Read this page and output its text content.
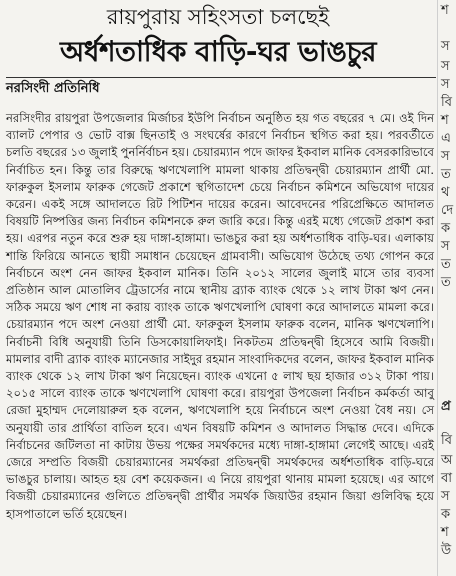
রায়পুরায় সহিংসতা চলছেই
অর্ধশতাধিক বাড়ি-ঘর ভাঙচুর
নরসিংদী প্রতিনিধি

নরসিংদীর রায়পুরা উপজেলার মির্জাচর ইউপি নির্বাচন অনুষ্ঠিত হয় গত বছরের ৭ মে। ওই দিন ব্যালট পেপার ও ভোট বাক্স ছিনতাই ও সংঘর্ষের কারণে নির্বাচন স্থগিত করা হয়। পরবর্তীতে চলতি বছরের ১৩ জুলাই পুনর্নির্বাচন হয়। চেয়ারম্যান পদে জাফর ইকবাল মানিক বেসরকারিভাবে নির্বাচিত হন। কিন্তু তার বিরুদ্ধে ঋণখেলাপি মামলা থাকায় প্রতিদ্বন্দ্বী চেয়ারম্যান প্রার্থী মো. ফারুকুল ইসলাম ফারুক গেজেট প্রকাশে স্থগিতাদেশ চেয়ে নির্বাচন কমিশনে অভিযোগ দায়ের করেন। একই সঙ্গে আদালতে রিট পিটিশন দায়ের করেন। আবেদনের পরিপ্রেক্ষিতে আদালত বিষয়টি নিষ্পত্তির জন্য নির্বাচন কমিশনকে রুল জারি করে। কিন্তু এরই মধ্যে গেজেট প্রকাশ করা হয়। এরপর নতুন করে শুরু হয় দাঙ্গা-হাঙ্গামা। ভাঙচুর করা হয় অর্ধশতাধিক বাড়ি-ঘর। এলাকায় শান্তি ফিরিয়ে আনতে স্থায়ী সমাধান চেয়েছেন গ্রামবাসী। অভিযোগ উঠেছে তথ্য গোপন করে নির্বাচনে অংশ নেন জাফর ইকবাল মানিক। তিনি ২০১২ সালের জুলাই মাসে তার ব্যবসা প্রতিষ্ঠান আল মোতালিব ট্রেডার্সের নামে স্থানীয় ব্র্যাক ব্যাংক থেকে ১২ লাখ টাকা ঋণ নেন। সঠিক সময়ে ঋণ শোধ না করায় ব্যাংক তাকে ঋণখেলাপি ঘোষণা করে আদালতে মামলা করে। চেয়ারম্যান পদে অংশ নেওয়া প্রার্থী মো. ফারুকুল ইসলাম ফারুক বলেন, মানিক ঋণখেলাপি। নির্বাচনী বিধি অনুযায়ী তিনি ডিসকোয়ালিফাই। নিকটতম প্রতিদ্বন্দ্বী হিসেবে আমি বিজয়ী। মামলার বাদী ব্র্যাক ব্যাংক ম্যানেজার সাইদুর রহমান সাংবাদিকদের বলেন, জাফর ইকবাল মানিক ব্যাংক থেকে ১২ লাখ টাকা ঋণ নিয়েছেন। ব্যাংক এখনো ৫ লাখ ছয় হাজার ৩১২ টাকা পায়। ২০১৫ সালে ব্যাংক তাকে ঋণখেলাপি ঘোষণা করে। রায়পুরা উপজেলা নির্বাচন কর্মকর্তা আবু রেজা মুহাম্মদ দেলোয়ারুল হক বলেন, ঋণখেলাপি হয়ে নির্বাচনে অংশ নেওয়া বৈধ নয়। সে অনুযায়ী তার প্রার্থিতা বাতিল হবে। এখন বিষয়টি কমিশন ও আদালত সিদ্ধান্ত দেবে। এদিকে নির্বাচনের জটিলতা না কাটায় উভয় পক্ষের সমর্থকদের মধ্যে দাঙ্গা-হাঙ্গামা লেগেই আছে। এরই জেরে সম্প্রতি বিজয়ী চেয়ারম্যানের সমর্থকরা প্রতিদ্বন্দ্বী সমর্থকদের অর্ধশতাধিক বাড়ি-ঘরে ভাঙচুর চালায়। আহত হয় বেশ কয়েকজন। এ নিয়ে রায়পুরা থানায় মামলা হয়েছে। এর আগে বিজয়ী চেয়ারম্যানের গুলিতে প্রতিদ্বন্দ্বী প্রার্থীর সমর্থক জিয়াউর রহমান জিয়া গুলিবিদ্ধ হয়ে হাসপাতালে ভর্তি হয়েছেন।

শ
স
স
স
বি
শ
এ
স
ত
থ
দে
ক
স
ত
ত
প্র
বি
অ
বা
স
ক
শ
উ
